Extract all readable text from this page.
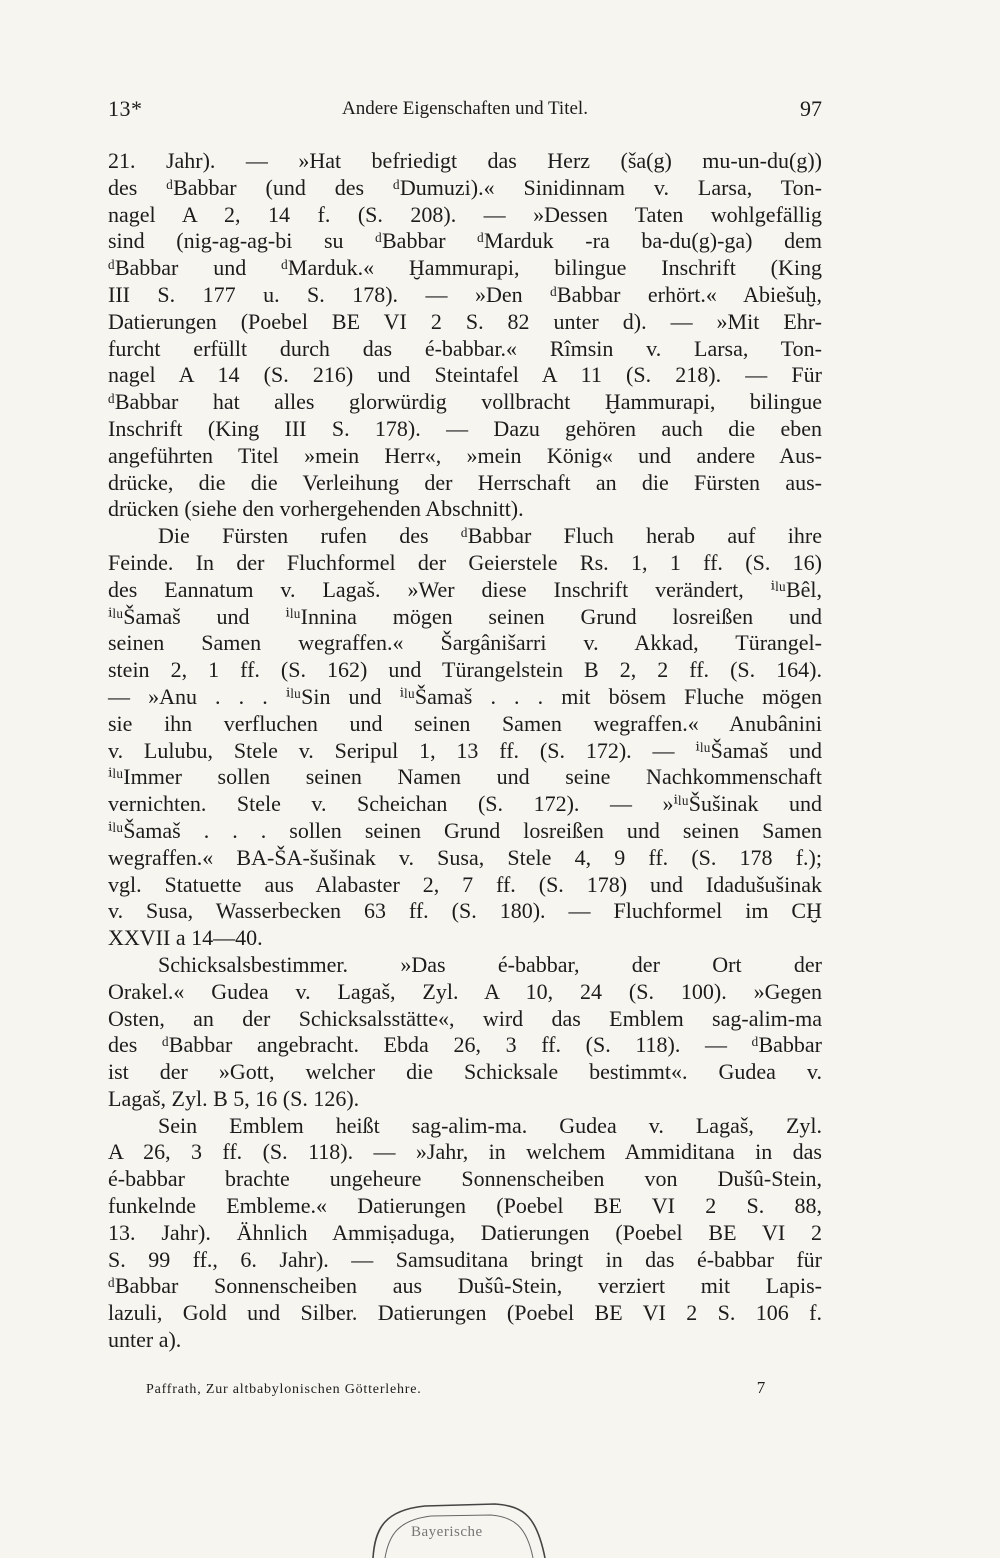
13*	Andere Eigenschaften und Titel.	97
21. Jahr). — »Hat befriedigt das Herz (ša(g) mu-un-du(g))
des ᵈBabbar (und des ᵈDumuzi).« Sinidinnam v. Larsa, Ton-
nagel A 2, 14 f. (S. 208). — »Dessen Taten wohlgefällig
sind (nig-ag-ag-bi su ᵈBabbar ᵈMarduk -ra ba-du(g)-ga) dem
ᵈBabbar und ᵈMarduk.« Ḫammurapi, bilingue Inschrift (King
III S. 177 u. S. 178). — »Den ᵈBabbar erhört.« Abiešuḫ,
Datierungen (Poebel BE VI 2 S. 82 unter d). — »Mit Ehr-
furcht erfüllt durch das é-babbar.« Rîmsin v. Larsa, Ton-
nagel A 14 (S. 216) und Steintafel A 11 (S. 218). — Für
ᵈBabbar hat alles glorwürdig vollbracht Ḫammurapi, bilingue
Inschrift (King III S. 178). — Dazu gehören auch die eben
angeführten Titel »mein Herr«, »mein König« und andere Aus-
drücke, die die Verleihung der Herrschaft an die Fürsten aus-
drücken (siehe den vorhergehenden Abschnitt).
Die Fürsten rufen des ᵈBabbar Fluch herab auf ihre
Feinde. In der Fluchformel der Geierstele Rs. 1, 1 ff. (S. 16)
des Eannatum v. Lagaš. »Wer diese Inschrift verändert, ⁱˡᵘBêl,
ⁱˡᵘŠamaš und ⁱˡᵘInnina mögen seinen Grund losreißen und
seinen Samen wegraffen.« Šargânišarri v. Akkad, Türangel-
stein 2, 1 ff. (S. 162) und Türangelstein B 2, 2 ff. (S. 164).
— »Anu . . . ⁱˡᵘSin und ⁱˡᵘŠamaš . . . mit bösem Fluche mögen
sie ihn verfluchen und seinen Samen wegraffen.« Anubânini
v. Lulubu, Stele v. Seripul 1, 13 ff. (S. 172). — ⁱˡᵘŠamaš und
ⁱˡᵘImmer sollen seinen Namen und seine Nachkommenschaft
vernichten. Stele v. Scheichan (S. 172). — »ⁱˡᵘŠušinak und
ⁱˡᵘŠamaš . . . sollen seinen Grund losreißen und seinen Samen
wegraffen.« BA-ŠA-šušinak v. Susa, Stele 4, 9 ff. (S. 178 f.);
vgl. Statuette aus Alabaster 2, 7 ff. (S. 178) und Idadušušinak
v. Susa, Wasserbecken 63 ff. (S. 180). — Fluchformel im CḪ
XXVII a 14—40.
Schicksalsbestimmer. »Das é-babbar, der Ort der
Orakel.« Gudea v. Lagaš, Zyl. A 10, 24 (S. 100). »Gegen
Osten, an der Schicksalsstätte«, wird das Emblem sag-alim-ma
des ᵈBabbar angebracht. Ebda 26, 3 ff. (S. 118). — ᵈBabbar
ist der »Gott, welcher die Schicksale bestimmt«. Gudea v.
Lagaš, Zyl. B 5, 16 (S. 126).
Sein Emblem heißt sag-alim-ma. Gudea v. Lagaš, Zyl.
A 26, 3 ff. (S. 118). — »Jahr, in welchem Ammiditana in das
é-babbar brachte ungeheure Sonnenscheiben von Dušû-Stein,
funkelnde Embleme.« Datierungen (Poebel BE VI 2 S. 88,
13. Jahr). Ähnlich Ammiṣaduga, Datierungen (Poebel BE VI 2
S. 99 ff., 6. Jahr). — Samsuditana bringt in das é-babbar für
ᵈBabbar Sonnenscheiben aus Dušû-Stein, verziert mit Lapis-
lazuli, Gold und Silber. Datierungen (Poebel BE VI 2 S. 106 f.
unter a).
Paffrath, Zur altbabylonischen Götterlehre.	7
Bayerische
